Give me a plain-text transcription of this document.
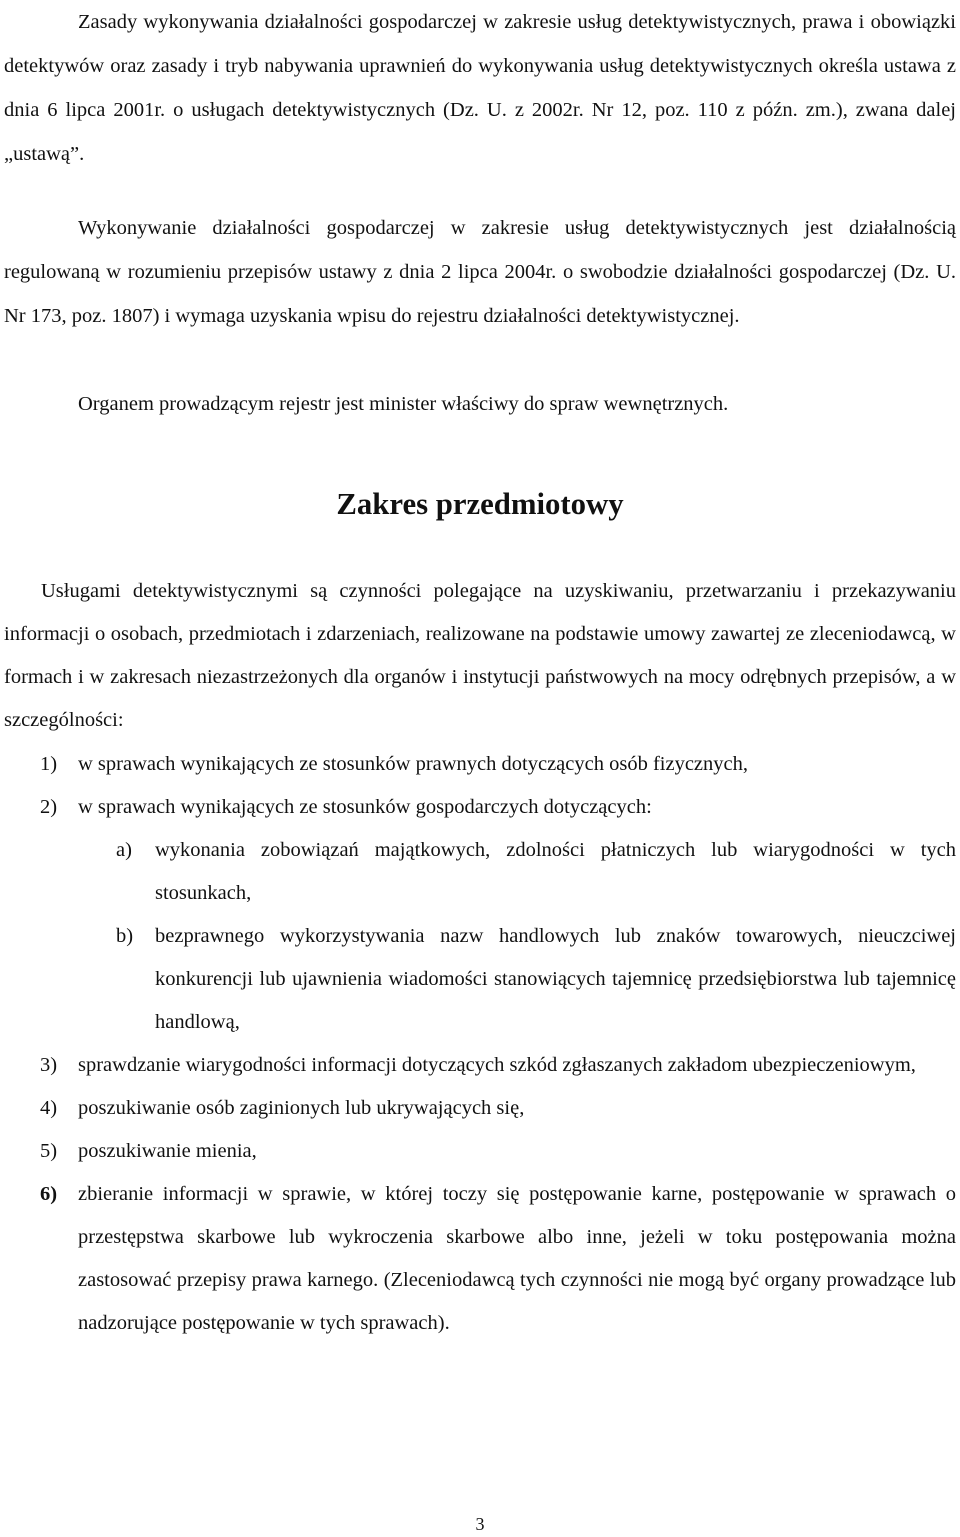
Zasady wykonywania działalności gospodarczej w zakresie usług detektywistycznych, prawa i obowiązki detektywów oraz zasady i tryb nabywania uprawnień do wykonywania usług detektywistycznych określa ustawa z dnia 6 lipca 2001r. o usługach detektywistycznych (Dz. U. z 2002r. Nr 12, poz. 110 z późn. zm.), zwana dalej „ustawą”.

Wykonywanie działalności gospodarczej w zakresie usług detektywistycznych jest działalnością regulowaną w rozumieniu przepisów ustawy z dnia 2 lipca 2004r. o swobodzie działalności gospodarczej (Dz. U. Nr 173, poz. 1807) i wymaga uzyskania wpisu do rejestru działalności detektywistycznej.

Organem prowadzącym rejestr jest minister właściwy do spraw wewnętrznych.

Zakres przedmiotowy

Usługami detektywistycznymi są czynności polegające na uzyskiwaniu, przetwarzaniu i przekazywaniu informacji o osobach, przedmiotach i zdarzeniach, realizowane na podstawie umowy zawartej ze zleceniodawcą, w formach i w zakresach niezastrzeżonych dla organów i instytucji państwowych na mocy odrębnych przepisów, a w szczególności:

1) w sprawach wynikających ze stosunków prawnych dotyczących osób fizycznych,
2) w sprawach wynikających ze stosunków gospodarczych dotyczących:
a) wykonania zobowiązań majątkowych, zdolności płatniczych lub wiarygodności w tych stosunkach,
b) bezprawnego wykorzystywania nazw handlowych lub znaków towarowych, nieuczciwej konkurencji lub ujawnienia wiadomości stanowiących tajemnicę przedsiębiorstwa lub tajemnicę handlową,
3) sprawdzanie wiarygodności informacji dotyczących szkód zgłaszanych zakładom ubezpieczeniowym,
4) poszukiwanie osób zaginionych lub ukrywających się,
5) poszukiwanie mienia,
6) zbieranie informacji w sprawie, w której toczy się postępowanie karne, postępowanie w sprawach o przestępstwa skarbowe lub wykroczenia skarbowe albo inne, jeżeli w toku postępowania można zastosować przepisy prawa karnego. (Zleceniodawcą tych czynności nie mogą być organy prowadzące lub nadzorujące postępowanie w tych sprawach).

3
